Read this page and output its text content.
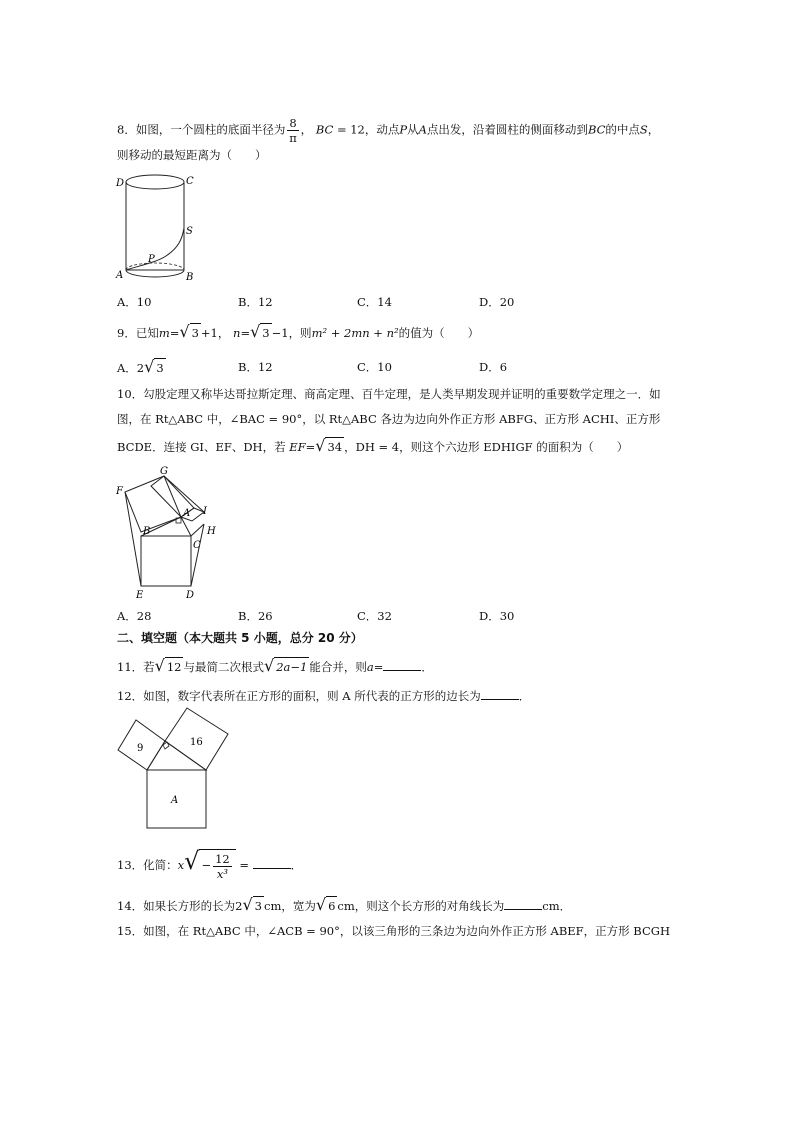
8．如图，一个圆柱的底面半径为 $\frac{8}{\pi}$ ， BC = 12，动点P从A点出发，沿着圆柱的侧面移动到BC的中点S，
则移动的最短距离为（　　）
D	C
S
P
A	B
A．10	B．12	C．14	D．20
9．已知m=√ 3 +1， n=√ 3 −1，则m² + 2mn + n²的值为（　　）
A．2√ 3	B．12	C．10	D．6
10．勾股定理又称毕达哥拉斯定理、商高定理、百牛定理，是人类早期发现并证明的重要数学定理之一．如
图，在 Rt△ABC 中，∠BAC = 90°，以 Rt△ABC 各边为边向外作正方形 ABFG、正方形 ACHI、正方形
BCDE．连接 GI、EF、DH，若 EF=√ 34 ，DH = 4，则这个六边形 EDHIGF 的面积为（　　）
G
F
A I
B	H
C
E	D
A．28	B．26	C．32	D．30
二、填空题（本大题共 5 小题，总分 20 分）
11．若√ 12 与最简二次根式√ 2a−1 能合并，则a=	．
12．如图，数字代表所在正方形的面积，则 A 所代表的正方形的边长为	．
9
16
A
13．化简：$x√ - \frac{12}{\text{x³}}$ =	．
14．如果长方形的长为2√ 3 cm，宽为√ 6 cm，则这个长方形的对角线长为	cm．
15．如图，在 Rt△ABC 中，∠ACB = 90°，以该三角形的三条边为边向外作正方形 ABEF，正方形 BCGH
